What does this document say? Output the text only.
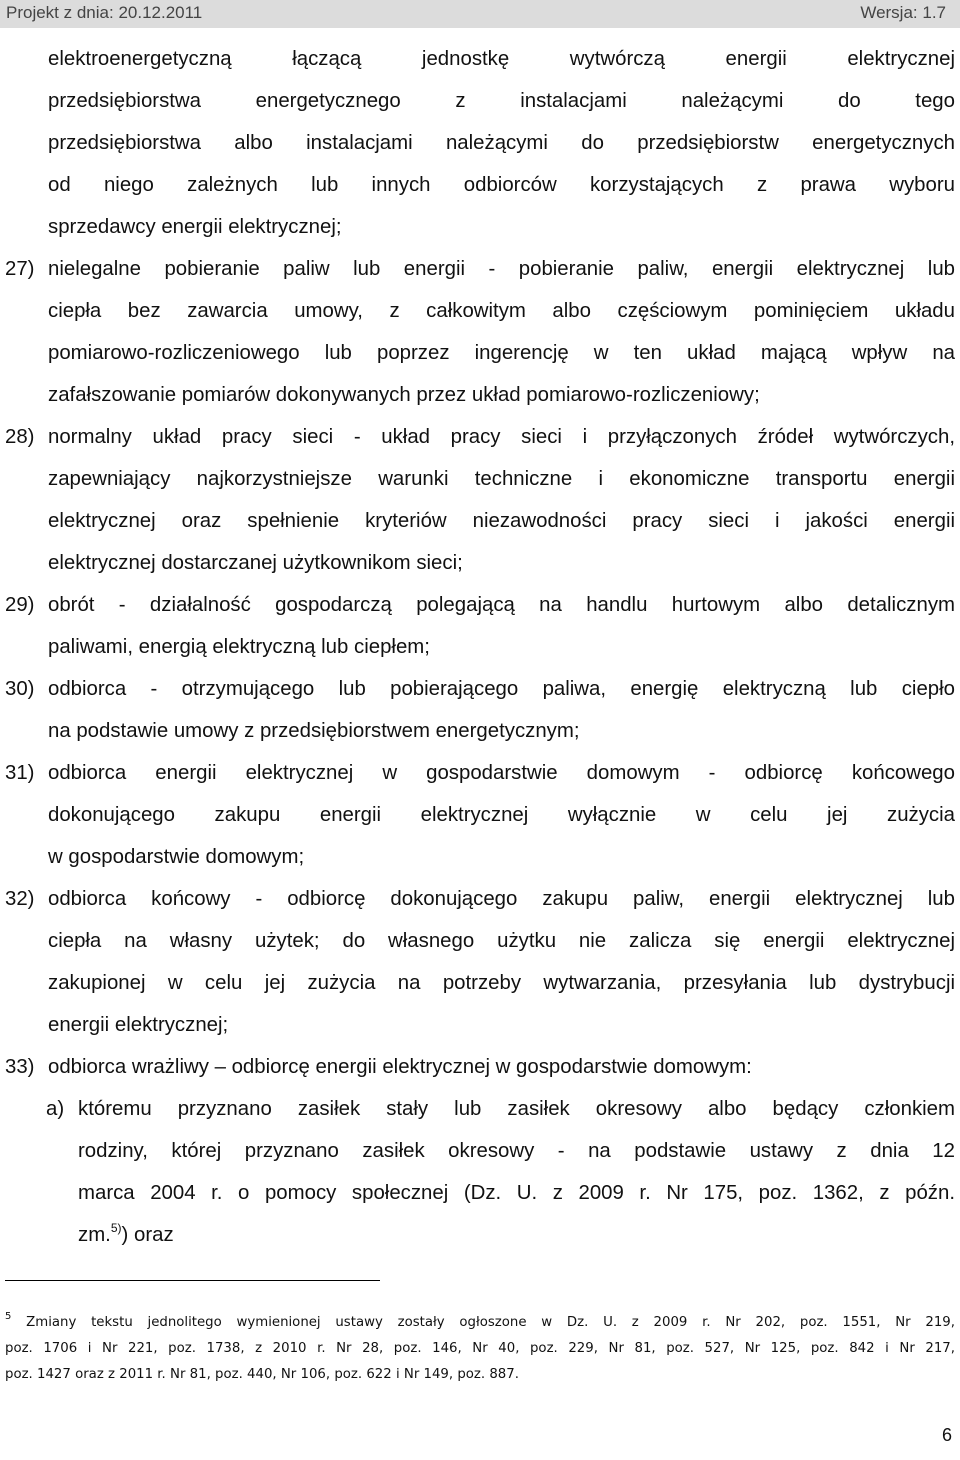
Projekt z dnia: 20.12.2011	Wersja: 1.7
elektroenergetyczną łączącą jednostkę wytwórczą energii elektrycznej
przedsiębiorstwa energetycznego z instalacjami należącymi do tego
przedsiębiorstwa albo instalacjami należącymi do przedsiębiorstw energetycznych
od niego zależnych lub innych odbiorców korzystających z prawa wyboru
sprzedawcy energii elektrycznej;
27) nielegalne pobieranie paliw lub energii - pobieranie paliw, energii elektrycznej lub
ciepła bez zawarcia umowy, z całkowitym albo częściowym pominięciem układu
pomiarowo-rozliczeniowego lub poprzez ingerencję w ten układ mającą wpływ na
zafałszowanie pomiarów dokonywanych przez układ pomiarowo-rozliczeniowy;
28) normalny układ pracy sieci - układ pracy sieci i przyłączonych źródeł wytwórczych,
zapewniający najkorzystniejsze warunki techniczne i ekonomiczne transportu energii
elektrycznej oraz spełnienie kryteriów niezawodności pracy sieci i jakości energii
elektrycznej dostarczanej użytkownikom sieci;
29) obrót - działalność gospodarczą polegającą na handlu hurtowym albo detalicznym
paliwami, energią elektryczną lub ciepłem;
30) odbiorca - otrzymującego lub pobierającego paliwa, energię elektryczną lub ciepło
na podstawie umowy z przedsiębiorstwem energetycznym;
31) odbiorca energii elektrycznej w gospodarstwie domowym - odbiorcę końcowego
dokonującego zakupu energii elektrycznej wyłącznie w celu jej zużycia
w gospodarstwie domowym;
32) odbiorca końcowy - odbiorcę dokonującego zakupu paliw, energii elektrycznej lub
ciepła na własny użytek; do własnego użytku nie zalicza się energii elektrycznej
zakupionej w celu jej zużycia na potrzeby wytwarzania, przesyłania lub dystrybucji
energii elektrycznej;
33) odbiorca wrażliwy – odbiorcę energii elektrycznej w gospodarstwie domowym:
a) któremu przyznano zasiłek stały lub zasiłek okresowy albo będący członkiem
rodziny, której przyznano zasiłek okresowy - na podstawie ustawy z dnia 12
marca 2004 r. o pomocy społecznej (Dz. U. z 2009 r. Nr 175, poz. 1362, z późn.
zm.$^{5)}$) oraz
$^5$ Zmiany tekstu jednolitego wymienionej ustawy zostały ogłoszone w Dz. U. z 2009 r. Nr 202, poz. 1551, Nr 219,
poz. 1706 i Nr 221, poz. 1738, z 2010 r. Nr 28, poz. 146, Nr 40, poz. 229, Nr 81, poz. 527, Nr 125, poz. 842 i Nr 217,
poz. 1427 oraz z 2011 r. Nr 81, poz. 440, Nr 106, poz. 622 i Nr 149, poz. 887.
6
